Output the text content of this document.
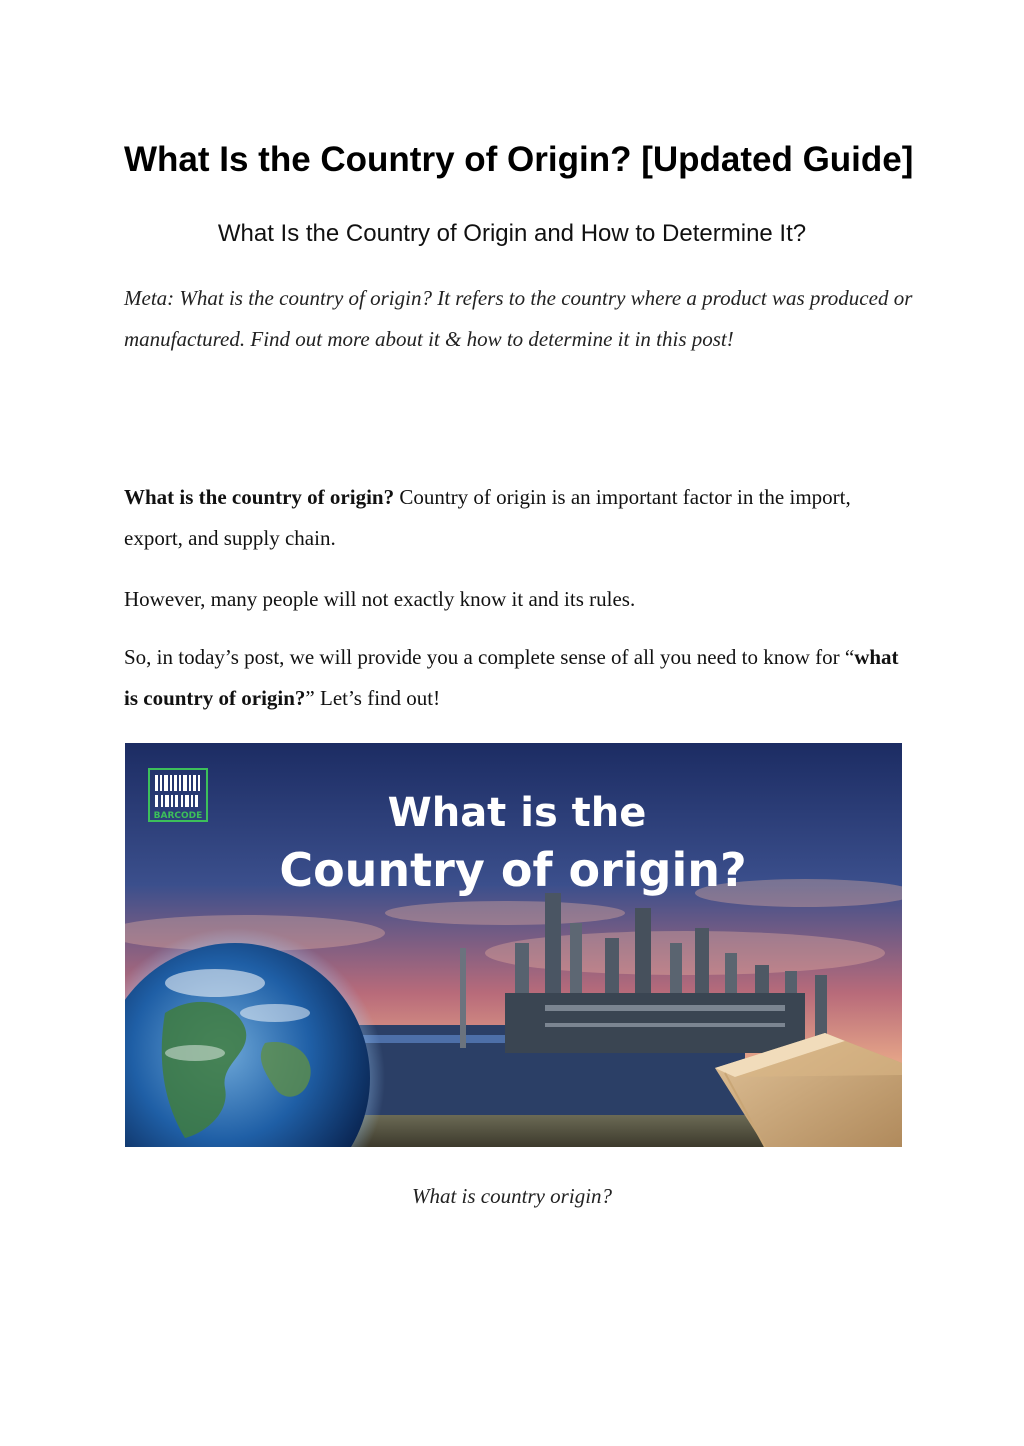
What Is the Country of Origin? [Updated Guide]
What Is the Country of Origin and How to Determine It?

Meta: What is the country of origin? It refers to the country where a product was produced or manufactured. Find out more about it & how to determine it in this post!

What is the country of origin? Country of origin is an important factor in the import, export, and supply chain.

However, many people will not exactly know it and its rules.

So, in today’s post, we will provide you a complete sense of all you need to know for “what is country of origin?” Let’s find out!

BARCODE	What is the
Country of origin?

What is country origin?
